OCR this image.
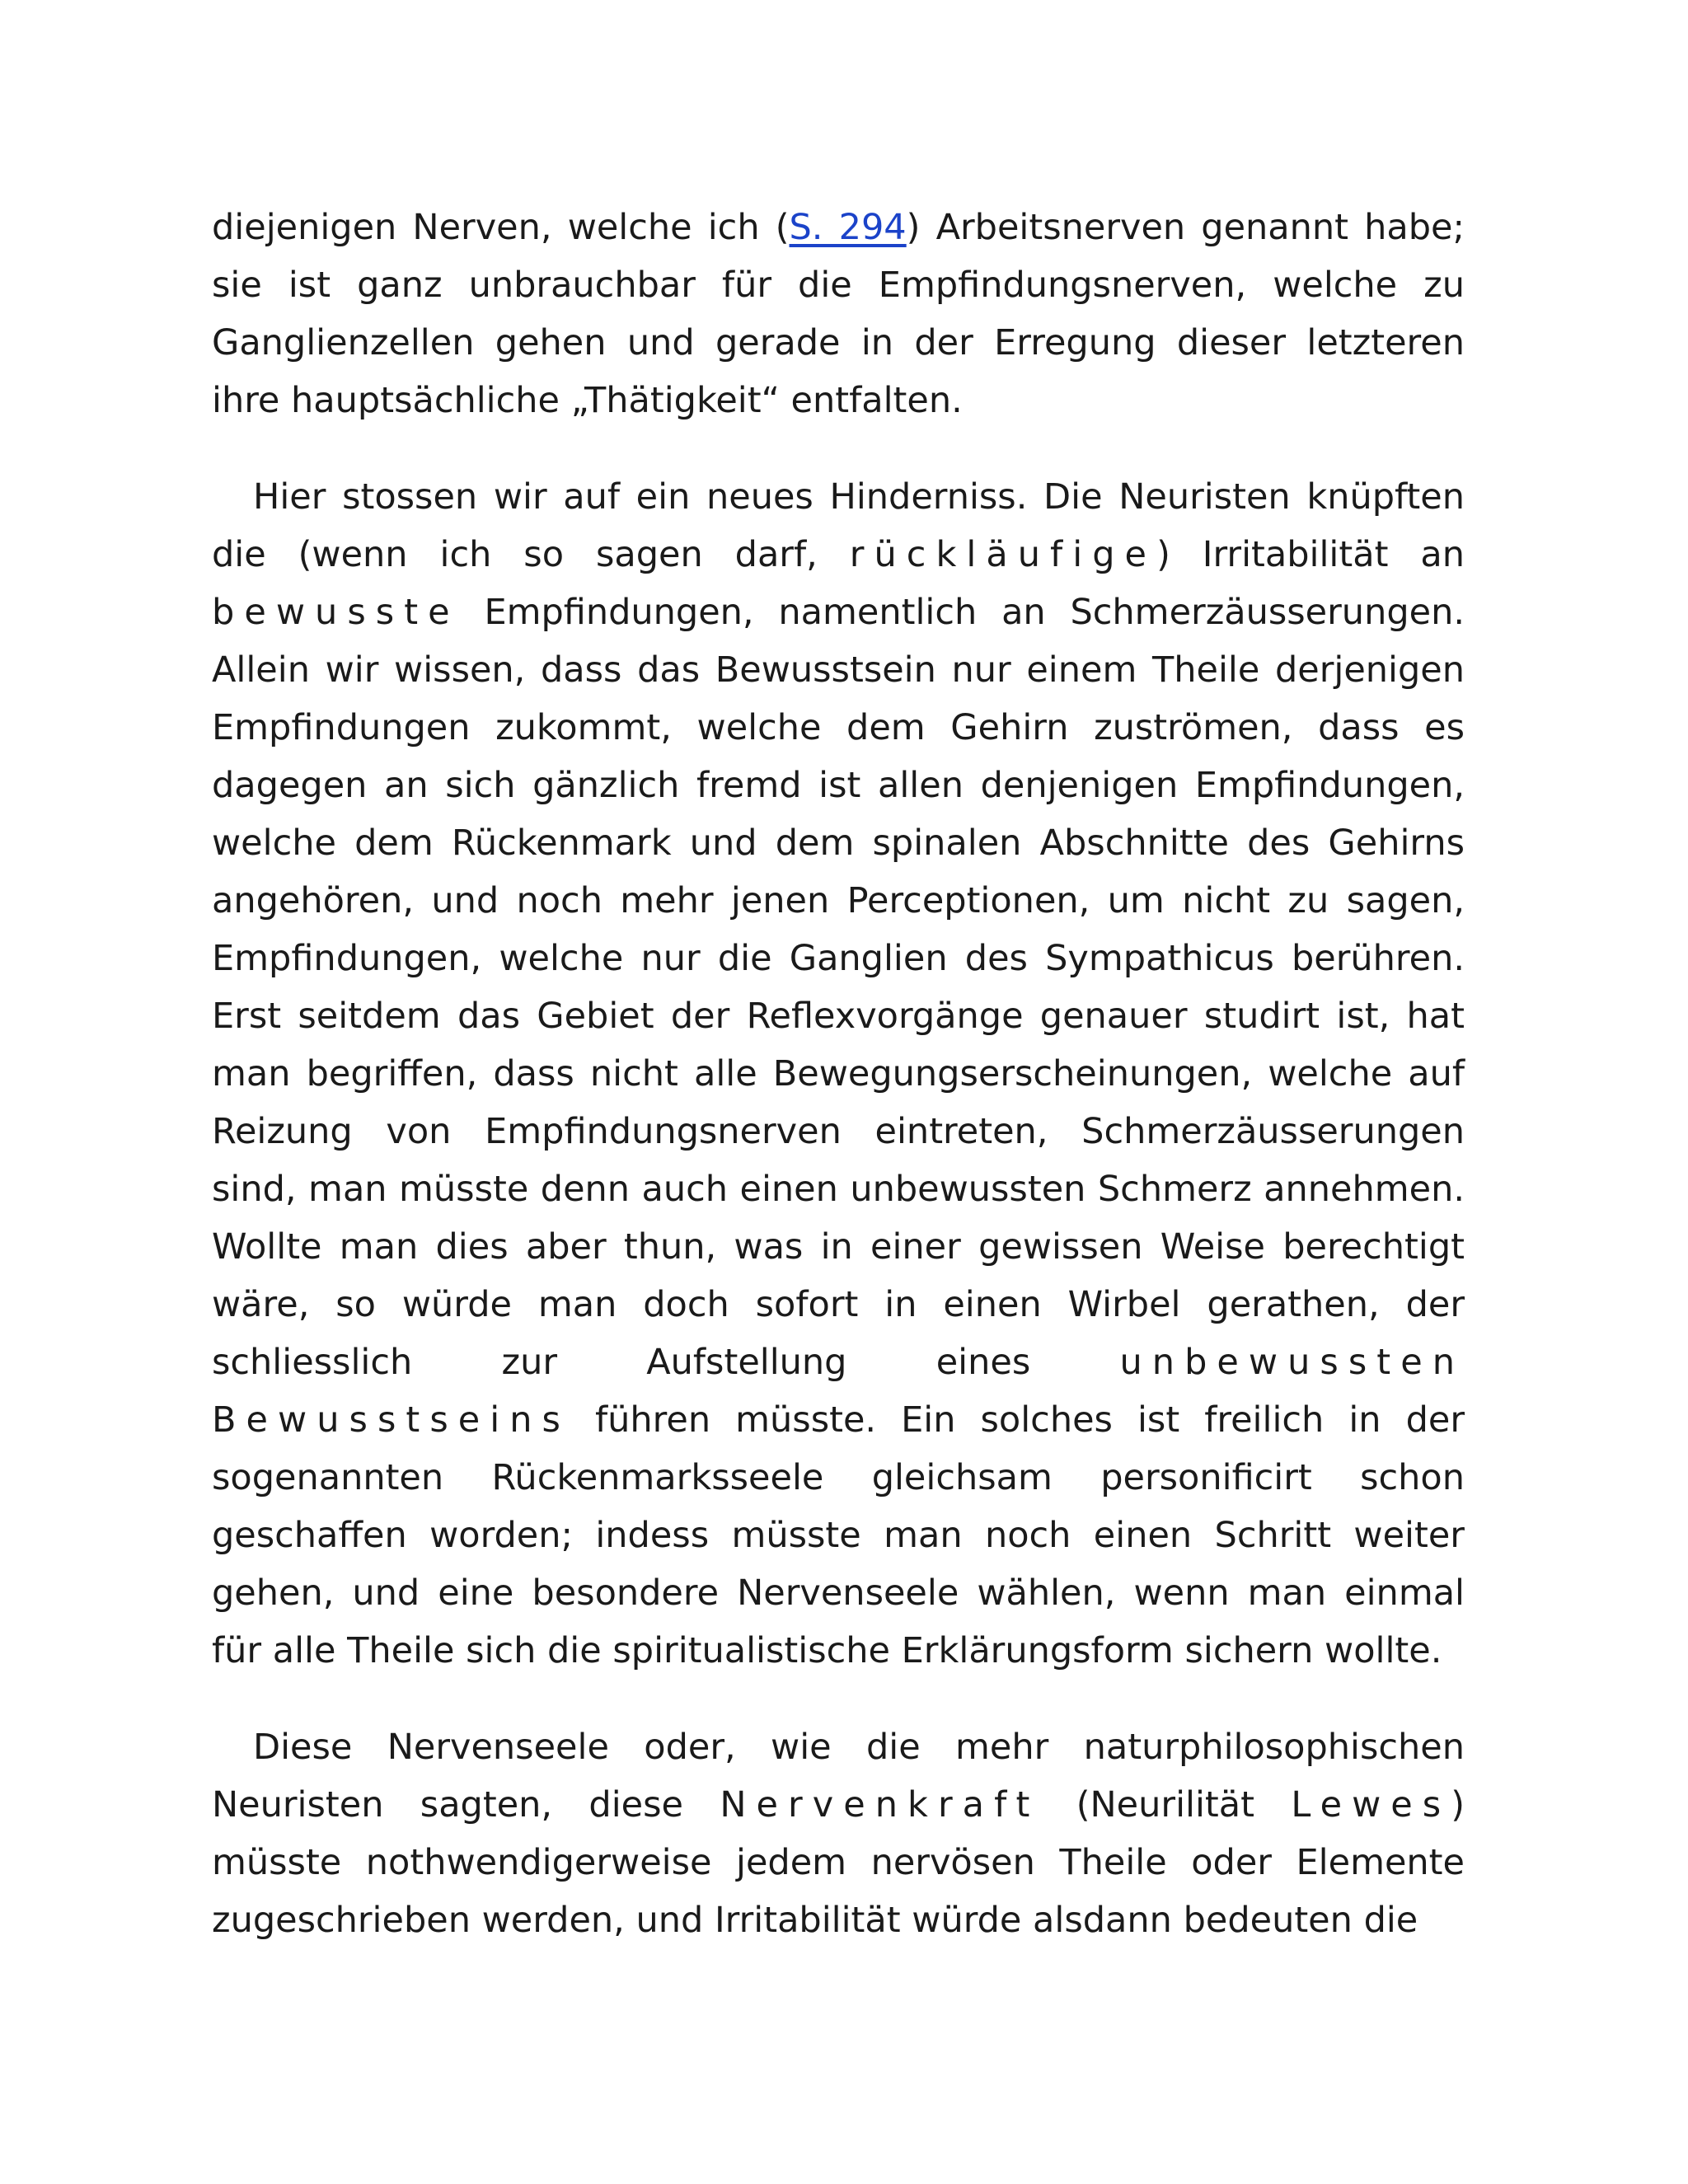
diejenigen Nerven, welche ich (S. 294) Arbeitsnerven genannt habe; sie ist ganz unbrauchbar für die Empfindungsnerven, welche zu Ganglienzellen gehen und gerade in der Erregung dieser letzteren ihre hauptsächliche „Thätigkeit“ entfalten.

Hier stossen wir auf ein neues Hinderniss. Die Neuristen knüpften die (wenn ich so sagen darf, rückläufige) Irritabilität an bewusste Empfindungen, namentlich an Schmerzäusserungen. Allein wir wissen, dass das Bewusstsein nur einem Theile derjenigen Empfindungen zukommt, welche dem Gehirn zuströmen, dass es dagegen an sich gänzlich fremd ist allen denjenigen Empfindungen, welche dem Rückenmark und dem spinalen Abschnitte des Gehirns angehören, und noch mehr jenen Perceptionen, um nicht zu sagen, Empfindungen, welche nur die Ganglien des Sympathicus berühren. Erst seitdem das Gebiet der Reflexvorgänge genauer studirt ist, hat man begriffen, dass nicht alle Bewegungserscheinungen, welche auf Reizung von Empfindungsnerven eintreten, Schmerzäusserungen sind, man müsste denn auch einen unbewussten Schmerz annehmen. Wollte man dies aber thun, was in einer gewissen Weise berechtigt wäre, so würde man doch sofort in einen Wirbel gerathen, der schliesslich zur Aufstellung eines unbewussten Bewusstseins führen müsste. Ein solches ist freilich in der sogenannten Rückenmarksseele gleichsam personificirt schon geschaffen worden; indess müsste man noch einen Schritt weiter gehen, und eine besondere Nervenseele wählen, wenn man einmal für alle Theile sich die spiritualistische Erklärungsform sichern wollte.

Diese Nervenseele oder, wie die mehr naturphilosophischen Neuristen sagten, diese Nervenkraft (Neurilität Lewes) müsste nothwendigerweise jedem nervösen Theile oder Elemente zugeschrieben werden, und Irritabilität würde alsdann bedeuten die
